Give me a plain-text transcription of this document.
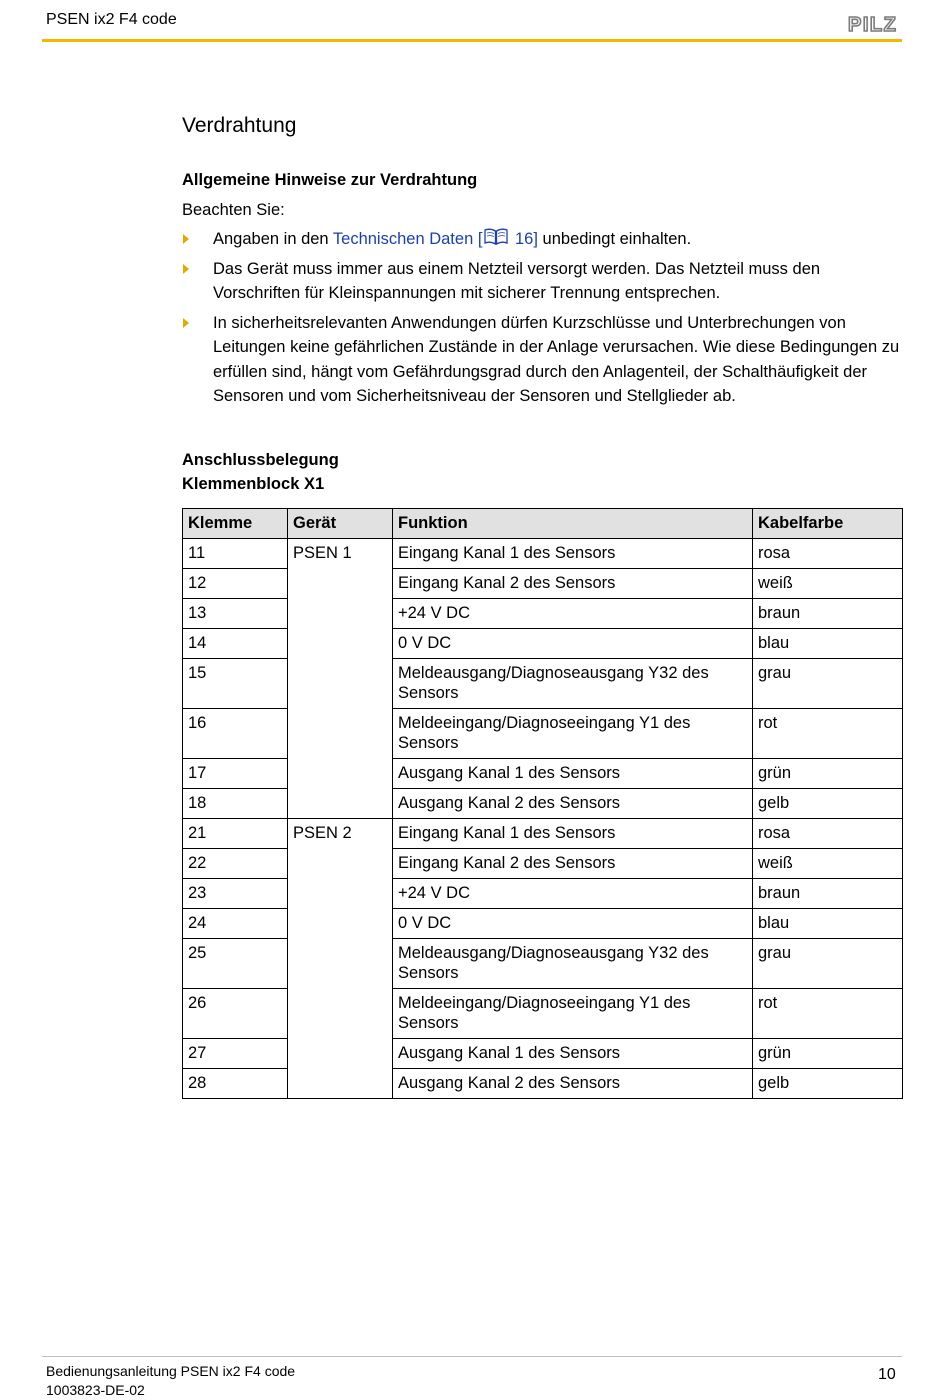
PSEN ix2 F4 code	PILZ
Verdrahtung
Allgemeine Hinweise zur Verdrahtung

Beachten Sie:

Angaben in den Technischen Daten [ 16] unbedingt einhalten.
Das Gerät muss immer aus einem Netzteil versorgt werden. Das Netzteil muss den Vorschriften für Kleinspannungen mit sicherer Trennung entsprechen.
In sicherheitsrelevanten Anwendungen dürfen Kurzschlüsse und Unterbrechungen von Leitungen keine gefährlichen Zustände in der Anlage verursachen. Wie diese Bedingungen zu erfüllen sind, hängt vom Gefährdungsgrad durch den Anlagenteil, der Schalthäufigkeit der Sensoren und vom Sicherheitsniveau der Sensoren und Stellglieder ab.
Anschlussbelegung
Klemmenblock X1
Klemme	Gerät	Funktion	Kabelfarbe
11	PSEN 1	Eingang Kanal 1 des Sensors	rosa
12		Eingang Kanal 2 des Sensors	weiß
13		+24 V DC	braun
14		0 V DC	blau
15		Meldeausgang/Diagnoseausgang Y32 des Sensors	grau
16		Meldeeingang/Diagnoseeingang Y1 des Sensors	rot
17		Ausgang Kanal 1 des Sensors	grün
18		Ausgang Kanal 2 des Sensors	gelb
21	PSEN 2	Eingang Kanal 1 des Sensors	rosa
22		Eingang Kanal 2 des Sensors	weiß
23		+24 V DC	braun
24		0 V DC	blau
25		Meldeausgang/Diagnoseausgang Y32 des Sensors	grau
26		Meldeeingang/Diagnoseeingang Y1 des Sensors	rot
27		Ausgang Kanal 1 des Sensors	grün
28		Ausgang Kanal 2 des Sensors	gelb
Bedienungsanleitung PSEN ix2 F4 code
1003823-DE-02
10
